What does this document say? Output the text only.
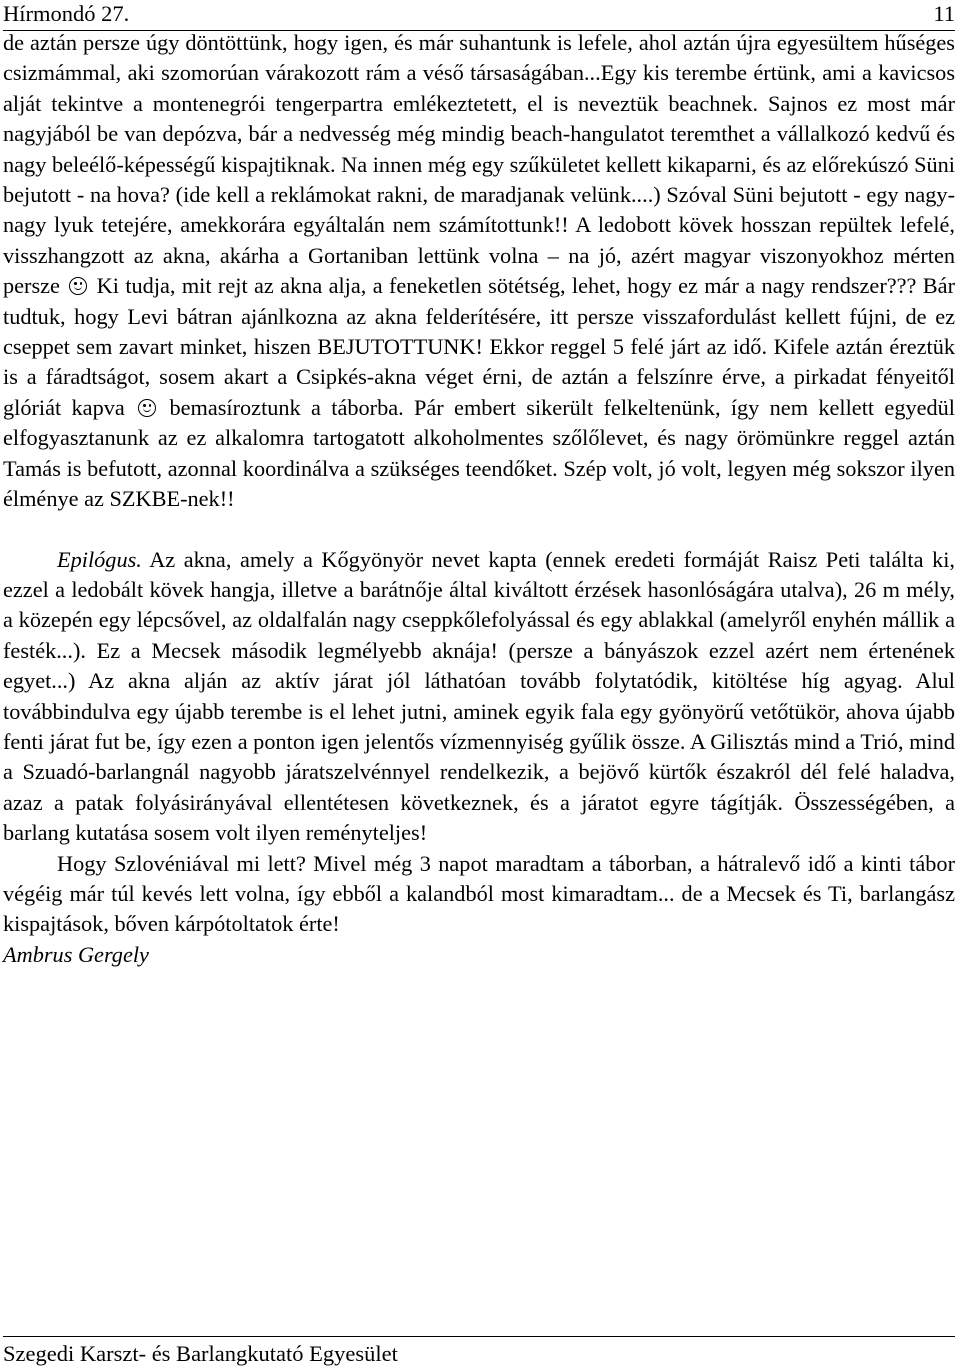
Hírmondó 27.	11

de aztán persze úgy döntöttünk, hogy igen, és már suhantunk is lefele, ahol aztán újra egyesültem hűséges csizmámmal, aki szomorúan várakozott rám a véső társaságában...Egy kis terembe értünk, ami a kavicsos alját tekintve a montenegrói tengerpartra emlékeztetett, el is neveztük beachnek. Sajnos ez most már nagyjából be van depózva, bár a nedvesség még mindig beach-hangulatot teremthet a vállalkozó kedvű és nagy beleélő-képességű kispajtiknak. Na innen még egy szűkületet kellett kikaparni, és az előrekúszó Süni bejutott - na hova? (ide kell a reklámokat rakni, de maradjanak velünk....) Szóval Süni bejutott - egy nagy-nagy lyuk tetejére, amekkorára egyáltalán nem számítottunk!! A ledobott kövek hosszan repültek lefelé, visszhangzott az akna, akárha a Gortaniban lettünk volna – na jó, azért magyar viszonyokhoz mérten persze Ki tudja, mit rejt az akna alja, a feneketlen sötétség, lehet, hogy ez már a nagy rendszer??? Bár tudtuk, hogy Levi bátran ajánlkozna az akna felderítésére, itt persze visszafordulást kellett fújni, de ez cseppet sem zavart minket, hiszen BEJUTOTTUNK! Ekkor reggel 5 felé járt az idő. Kifele aztán éreztük is a fáradtságot, sosem akart a Csipkés-akna véget érni, de aztán a felszínre érve, a pirkadat fényeitől glóriát kapva bemasíroztunk a táborba. Pár embert sikerült felkeltenünk, így nem kellett egyedül elfogyasztanunk az ez alkalomra tartogatott alkoholmentes szőlőlevet, és nagy örömünkre reggel aztán Tamás is befutott, azonnal koordinálva a szükséges teendőket. Szép volt, jó volt, legyen még sokszor ilyen élménye az SZKBE-nek!!

Epilógus. Az akna, amely a Kőgyönyör nevet kapta (ennek eredeti formáját Raisz Peti találta ki, ezzel a ledobált kövek hangja, illetve a barátnője által kiváltott érzések hasonlóságára utalva), 26 m mély, a közepén egy lépcsővel, az oldalfalán nagy cseppkőlefolyással és egy ablakkal (amelyről enyhén mállik a festék...). Ez a Mecsek második legmélyebb aknája! (persze a bányászok ezzel azért nem értenének egyet...) Az akna alján az aktív járat jól láthatóan tovább folytatódik, kitöltése híg agyag. Alul továbbindulva egy újabb terembe is el lehet jutni, aminek egyik fala egy gyönyörű vetőtükör, ahova újabb fenti járat fut be, így ezen a ponton igen jelentős vízmennyiség gyűlik össze. A Gilisztás mind a Trió, mind a Szuadó-barlangnál nagyobb járatszelvénnyel rendelkezik, a bejövő kürtők északról dél felé haladva, azaz a patak folyásirányával ellentétesen következnek, és a járatot egyre tágítják. Összességében, a barlang kutatása sosem volt ilyen reményteljes!

Hogy Szlovéniával mi lett? Mivel még 3 napot maradtam a táborban, a hátralevő idő a kinti tábor végéig már túl kevés lett volna, így ebből a kalandból most kimaradtam... de a Mecsek és Ti, barlangász kispajtások, bőven kárpótoltatok érte!

Ambrus Gergely

Szegedi Karszt- és Barlangkutató Egyesület
